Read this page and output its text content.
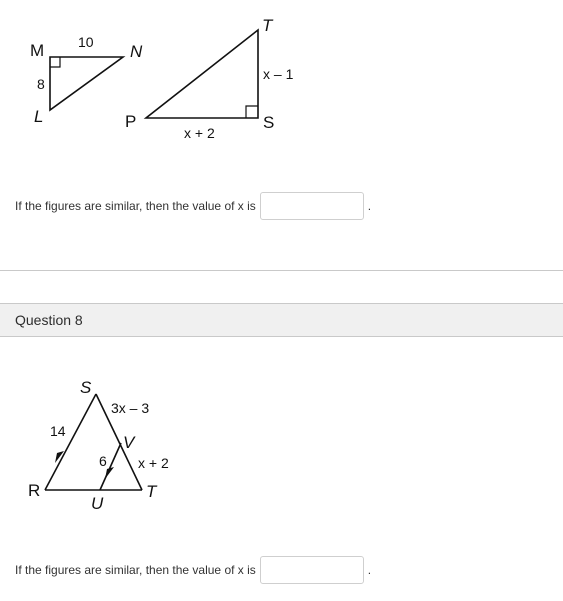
M	N
L
10
8
T
P	S
x – 1
x + 2
If the figures are similar, then the value of x is	.
Question 8
S
R
U
V
T
14
3x – 3
6 x + 2
If the figures are similar, then the value of x is	.
